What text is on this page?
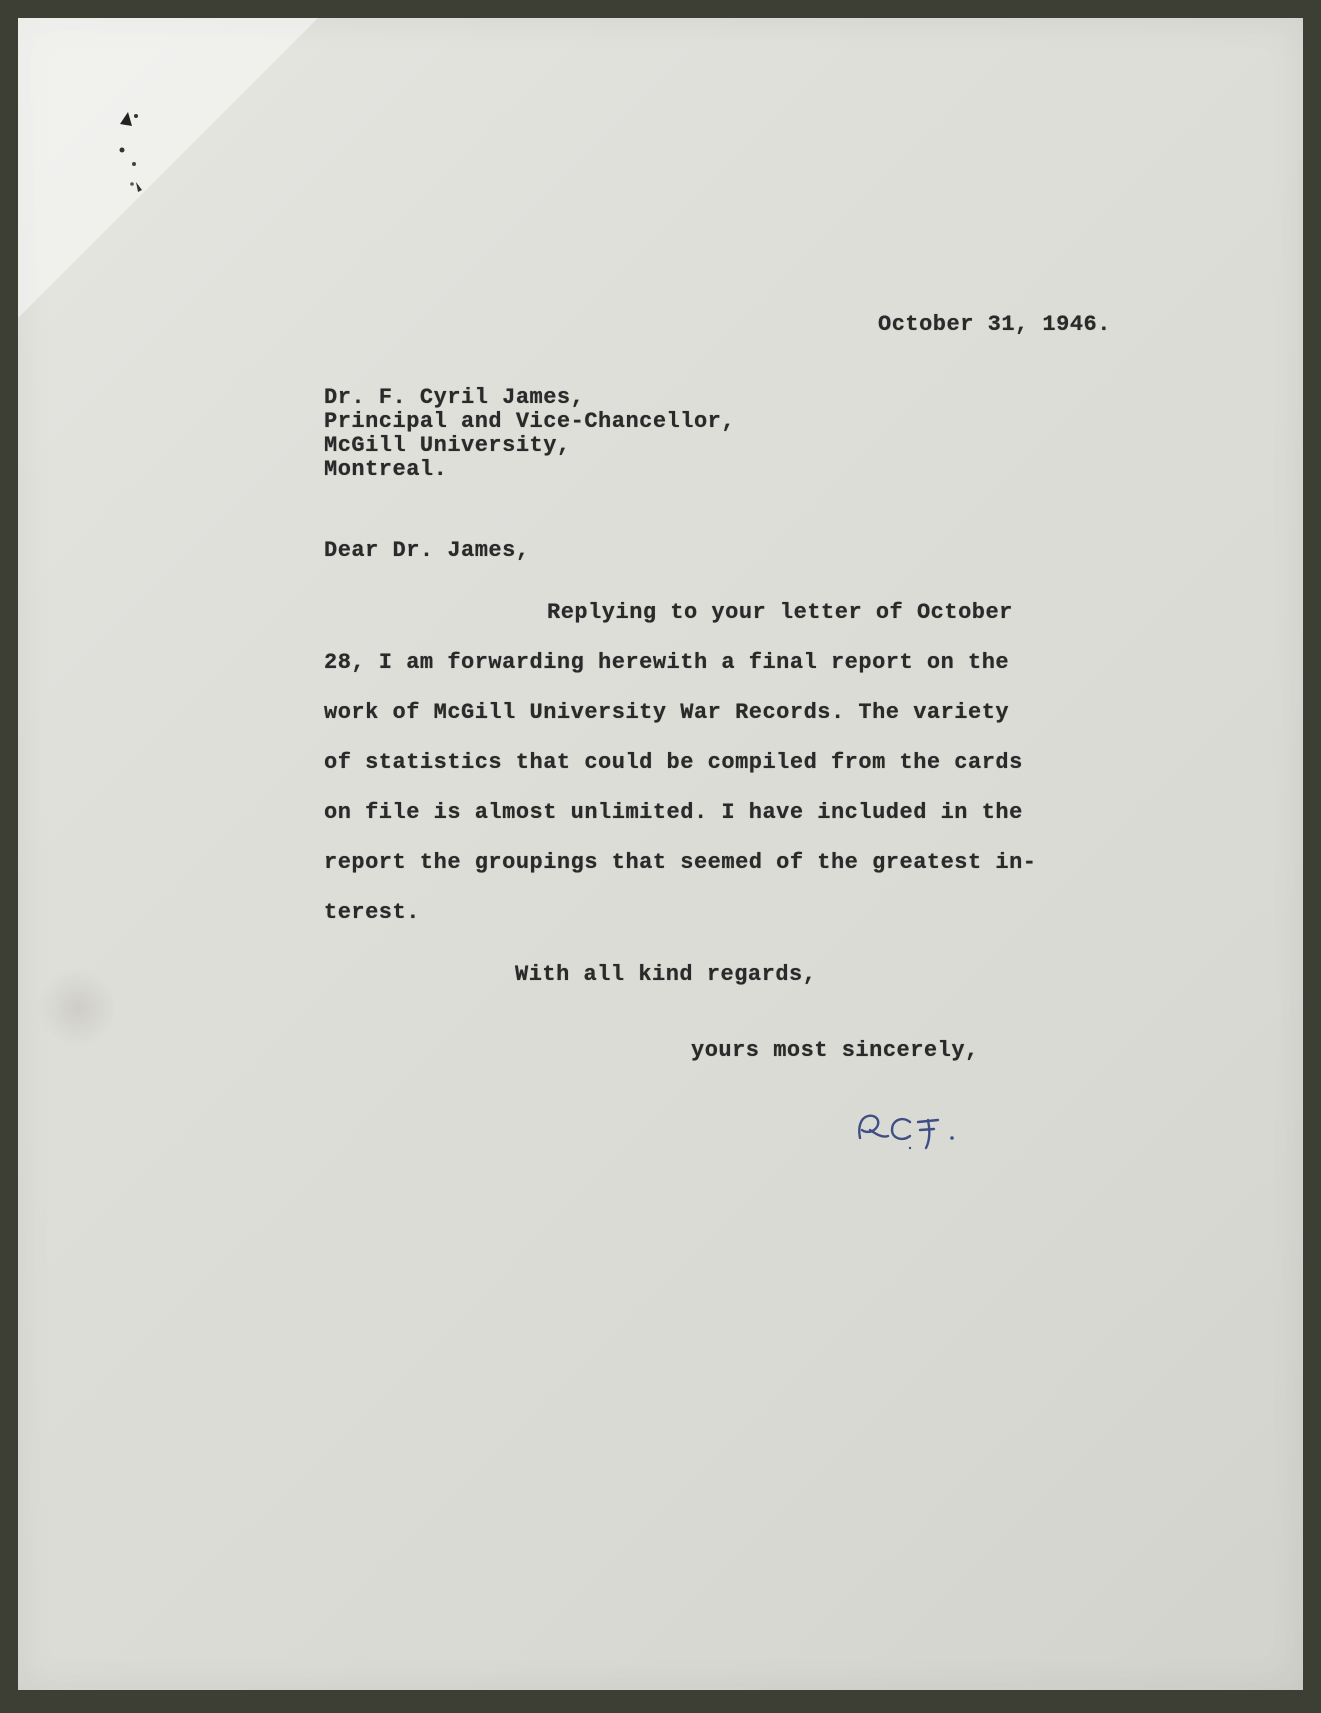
October 31, 1946.
Dr. F. Cyril James,
Principal and Vice-Chancellor,
McGill University,
Montreal.
Dear Dr. James,
Replying to your letter of October
28, I am forwarding herewith a final report on the
work of McGill University War Records. The variety
of statistics that could be compiled from the cards
on file is almost unlimited. I have included in the
report the groupings that seemed of the greatest in-
terest.
With all kind regards,
yours most sincerely,
